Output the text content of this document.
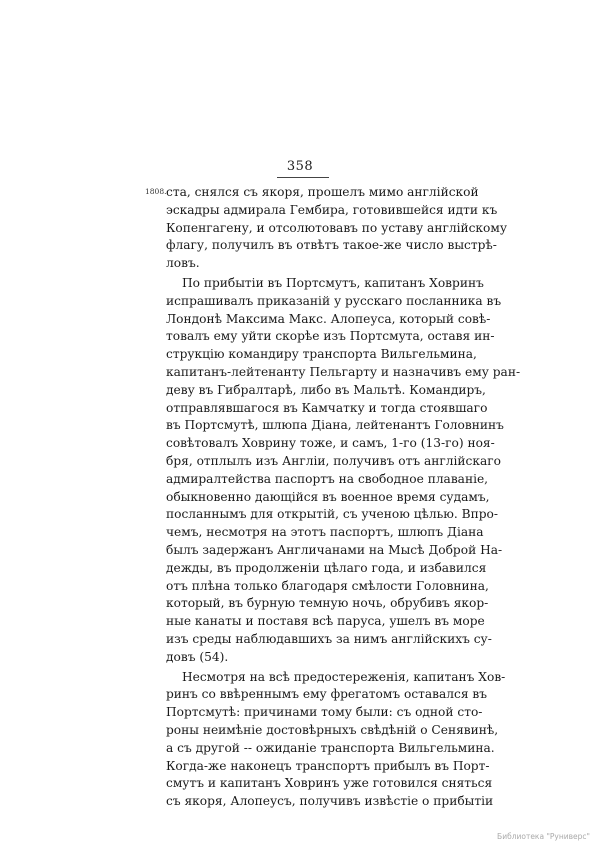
358
1808. ста, снялся съ якоря, прошелъ мимо англійской
эскадры адмирала Гембира, готовившейся идти къ
Копенгагену, и отсолютовавъ по уставу англійскому
флагу, получилъ въ отвѣтъ такое-же число выстрѣ-
ловъ.
По прибытіи въ Портсмутъ, капитанъ Ховринъ
испрашивалъ приказаній у русскаго посланника въ
Лондонѣ Максима Макс. Алопеуса, который совѣ-
товалъ ему уйти скорѣе изъ Портсмута, оставя ин-
струкцію командиру транспорта Вильгельмина,
капитанъ-лейтенанту Пельгарту и назначивъ ему ран-
деву въ Гибралтарѣ, либо въ Мальтѣ. Командиръ,
отправлявшагося въ Камчатку и тогда стоявшаго
въ Портсмутѣ, шлюпа Діана, лейтенантъ Головнинъ
совѣтовалъ Ховрину тоже, и самъ, 1-го (13-го) ноя-
бря, отплылъ изъ Англіи, получивъ отъ англійскаго
адмиралтейства паспортъ на свободное плаваніе,
обыкновенно дающійся въ военное время судамъ,
посланнымъ для открытій, съ ученою цѣлью. Впро-
чемъ, несмотря на этотъ паспортъ, шлюпъ Діана
былъ задержанъ Англичанами на Мысѣ Доброй На-
дежды, въ продолженіи цѣлаго года, и избавился
отъ плѣна только благодаря смѣлости Головнина,
который, въ бурную темную ночь, обрубивъ якор-
ные канаты и поставя всѣ паруса, ушелъ въ море
изъ среды наблюдавшихъ за нимъ англійскихъ су-
довъ (54).
Несмотря на всѣ предостереженія, капитанъ Хов-
ринъ со ввѣреннымъ ему фрегатомъ оставался въ
Портсмутѣ: причинами тому были: съ одной сто-
роны неимѣніе достовѣрныхъ свѣдѣній о Сенявинѣ,
а съ другой -- ожиданіе транспорта Вильгельмина.
Когда-же наконецъ транспортъ прибылъ въ Порт-
смутъ и капитанъ Ховринъ уже готовился сняться
съ якоря, Алопеусъ, получивъ извѣстіе о прибытіи
Библиотека "Руниверс"
